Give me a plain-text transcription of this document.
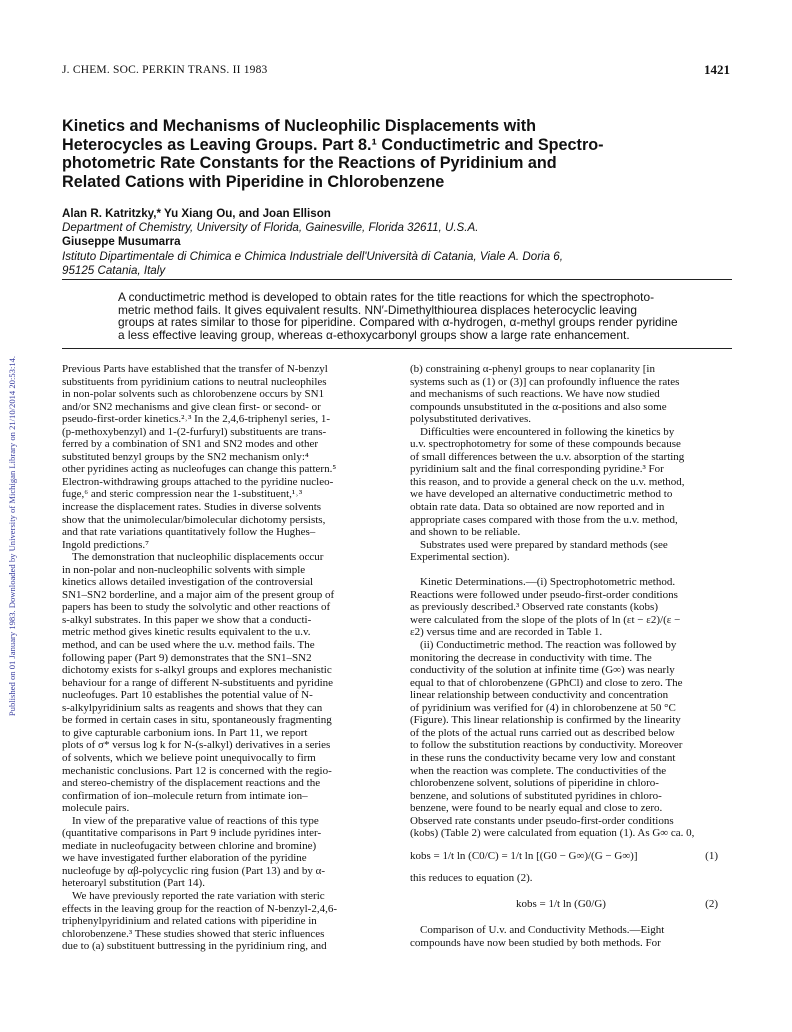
Published on 01 January 1983. Downloaded by University of Michigan Library on 21/10/2014 20:53:14.
J. CHEM. SOC. PERKIN TRANS. II 1983	1421

Kinetics and Mechanisms of Nucleophilic Displacements with

Heterocycles as Leaving Groups. Part 8.¹ Conductimetric and Spectro-

photometric Rate Constants for the Reactions of Pyridinium and

Related Cations with Piperidine in Chlorobenzene

Alan R. Katritzky,* Yu Xiang Ou, and Joan Ellison

Department of Chemistry, University of Florida, Gainesville, Florida 32611, U.S.A.

Giuseppe Musumarra

Istituto Dipartimentale di Chimica e Chimica Industriale dell'Università di Catania, Viale A. Doria 6,

95125 Catania, Italy

A conductimetric method is developed to obtain rates for the title reactions for which the spectrophoto-

metric method fails. It gives equivalent results. NN′-Dimethylthiourea displaces heterocyclic leaving

groups at rates similar to those for piperidine. Compared with α-hydrogen, α-methyl groups render pyridine

a less effective leaving group, whereas α-ethoxycarbonyl groups show a large rate enhancement.

Previous Parts have established that the transfer of N-benzyl

substituents from pyridinium cations to neutral nucleophiles

in non-polar solvents such as chlorobenzene occurs by SN1

and/or SN2 mechanisms and give clean first- or second- or

pseudo-first-order kinetics.²˒³ In the 2,4,6-triphenyl series, 1-

(p-methoxybenzyl) and 1-(2-furfuryl) substituents are trans-

ferred by a combination of SN1 and SN2 modes and other

substituted benzyl groups by the SN2 mechanism only:⁴

other pyridines acting as nucleofuges can change this pattern.⁵

Electron-withdrawing groups attached to the pyridine nucleo-

fuge,⁶ and steric compression near the 1-substituent,¹˒³

increase the displacement rates. Studies in diverse solvents

show that the unimolecular/bimolecular dichotomy persists,

and that rate variations quantitatively follow the Hughes–

Ingold predictions.⁷

The demonstration that nucleophilic displacements occur

in non-polar and non-nucleophilic solvents with simple

kinetics allows detailed investigation of the controversial

SN1–SN2 borderline, and a major aim of the present group of

papers has been to study the solvolytic and other reactions of

s-alkyl substrates. In this paper we show that a conducti-

metric method gives kinetic results equivalent to the u.v.

method, and can be used where the u.v. method fails. The

following paper (Part 9) demonstrates that the SN1–SN2

dichotomy exists for s-alkyl groups and explores mechanistic

behaviour for a range of different N-substituents and pyridine

nucleofuges. Part 10 establishes the potential value of N-

s-alkylpyridinium salts as reagents and shows that they can

be formed in certain cases in situ, spontaneously fragmenting

to give capturable carbonium ions. In Part 11, we report

plots of σ* versus log k for N-(s-alkyl) derivatives in a series

of solvents, which we believe point unequivocally to firm

mechanistic conclusions. Part 12 is concerned with the regio-

and stereo-chemistry of the displacement reactions and the

confirmation of ion–molecule return from intimate ion–

molecule pairs.

In view of the preparative value of reactions of this type

(quantitative comparisons in Part 9 include pyridines inter-

mediate in nucleofugacity between chlorine and bromine)

we have investigated further elaboration of the pyridine

nucleofuge by αβ-polycyclic ring fusion (Part 13) and by α-

heteroaryl substitution (Part 14).

We have previously reported the rate variation with steric

effects in the leaving group for the reaction of N-benzyl-2,4,6-

triphenylpyridinium and related cations with piperidine in

chlorobenzene.³ These studies showed that steric influences

due to (a) substituent buttressing in the pyridinium ring, and

(b) constraining α-phenyl groups to near coplanarity [in

systems such as (1) or (3)] can profoundly influence the rates

and mechanisms of such reactions. We have now studied

compounds unsubstituted in the α-positions and also some

polysubstituted derivatives.

Difficulties were encountered in following the kinetics by

u.v. spectrophotometry for some of these compounds because

of small differences between the u.v. absorption of the starting

pyridinium salt and the final corresponding pyridine.³ For

this reason, and to provide a general check on the u.v. method,

we have developed an alternative conductimetric method to

obtain rate data. Data so obtained are now reported and in

appropriate cases compared with those from the u.v. method,

and shown to be reliable.

Substrates used were prepared by standard methods (see

Experimental section).

Kinetic Determinations.—(i) Spectrophotometric method.

Reactions were followed under pseudo-first-order conditions

as previously described.³ Observed rate constants (kobs)

were calculated from the slope of the plots of ln (εt − ε2)/(ε −

ε2) versus time and are recorded in Table 1.

(ii) Conductimetric method. The reaction was followed by

monitoring the decrease in conductivity with time. The

conductivity of the solution at infinite time (G∞) was nearly

equal to that of chlorobenzene (GPhCl) and close to zero. The

linear relationship between conductivity and concentration

of pyridinium was verified for (4) in chlorobenzene at 50 °C

(Figure). This linear relationship is confirmed by the linearity

of the plots of the actual runs carried out as described below

to follow the substitution reactions by conductivity. Moreover

in these runs the conductivity became very low and constant

when the reaction was complete. The conductivities of the

chlorobenzene solvent, solutions of piperidine in chloro-

benzene, and solutions of substituted pyridines in chloro-

benzene, were found to be nearly equal and close to zero.

Observed rate constants under pseudo-first-order conditions

(kobs) (Table 2) were calculated from equation (1). As G∞ ca. 0,

kobs = 1/t ln (C0/C) = 1/t ln [(G0 − G∞)/(G − G∞)]	(1)

this reduces to equation (2).

kobs = 1/t ln (G0/G)	(2)

Comparison of U.v. and Conductivity Methods.—Eight

compounds have now been studied by both methods. For
